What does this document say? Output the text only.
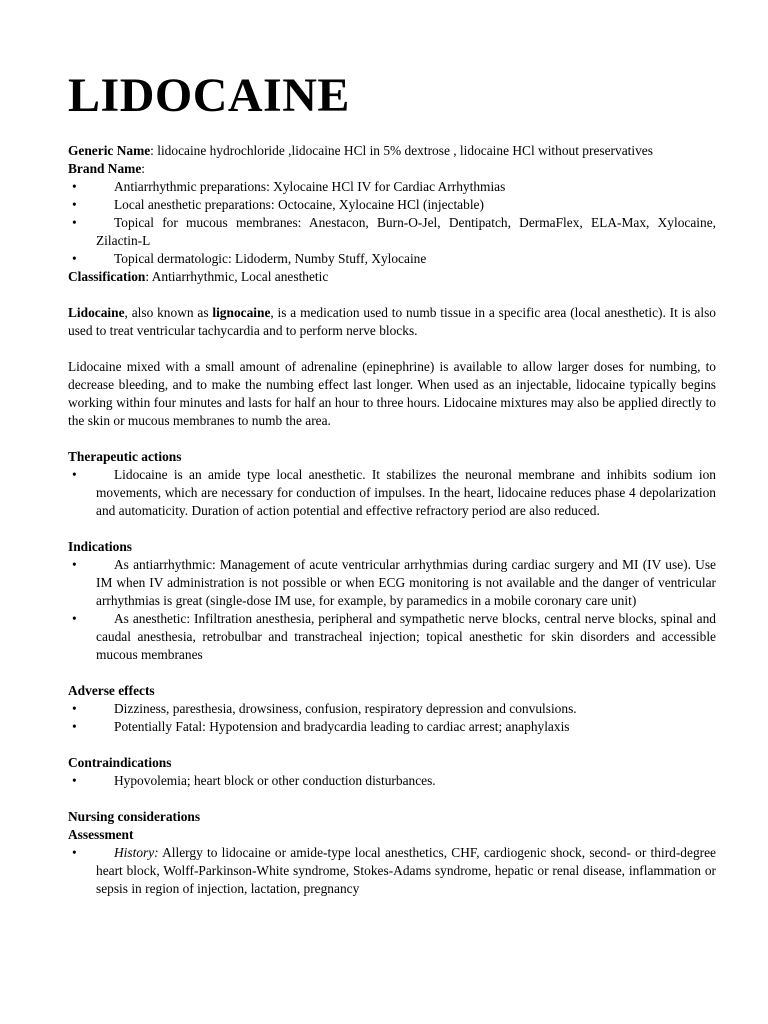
LIDOCAINE

Generic Name: lidocaine hydrochloride ,lidocaine HCl in 5% dextrose , lidocaine HCl without preservatives

Brand Name:

•	Antiarrhythmic preparations: Xylocaine HCl IV for Cardiac Arrhythmias
•	Local anesthetic preparations: Octocaine, Xylocaine HCl (injectable)
•	Topical for mucous membranes: Anestacon, Burn-O-Jel, Dentipatch, DermaFlex, ELA-Max, Xylocaine, Zilactin-L
•	Topical dermatologic: Lidoderm, Numby Stuff, Xylocaine

Classification: Antiarrhythmic, Local anesthetic

Lidocaine, also known as lignocaine, is a medication used to numb tissue in a specific area (local anesthetic). It is also used to treat ventricular tachycardia and to perform nerve blocks.

Lidocaine mixed with a small amount of adrenaline (epinephrine) is available to allow larger doses for numbing, to decrease bleeding, and to make the numbing effect last longer. When used as an injectable, lidocaine typically begins working within four minutes and lasts for half an hour to three hours. Lidocaine mixtures may also be applied directly to the skin or mucous membranes to numb the area.

Therapeutic actions
•	Lidocaine is an amide type local anesthetic. It stabilizes the neuronal membrane and inhibits sodium ion movements, which are necessary for conduction of impulses. In the heart, lidocaine reduces phase 4 depolarization and automaticity. Duration of action potential and effective refractory period are also reduced.
Indications
•	As antiarrhythmic: Management of acute ventricular arrhythmias during cardiac surgery and MI (IV use). Use IM when IV administration is not possible or when ECG monitoring is not available and the danger of ventricular arrhythmias is great (single-dose IM use, for example, by paramedics in a mobile coronary care unit)
•	As anesthetic: Infiltration anesthesia, peripheral and sympathetic nerve blocks, central nerve blocks, spinal and caudal anesthesia, retrobulbar and transtracheal injection; topical anesthetic for skin disorders and accessible mucous membranes
Adverse effects
•	Dizziness, paresthesia, drowsiness, confusion, respiratory depression and convulsions.
•	Potentially Fatal: Hypotension and bradycardia leading to cardiac arrest; anaphylaxis
Contraindications
•	Hypovolemia; heart block or other conduction disturbances.
Nursing considerations
Assessment
•	History: Allergy to lidocaine or amide-type local anesthetics, CHF, cardiogenic shock, second- or third-degree heart block, Wolff-Parkinson-White syndrome, Stokes-Adams syndrome, hepatic or renal disease, inflammation or sepsis in region of injection, lactation, pregnancy
